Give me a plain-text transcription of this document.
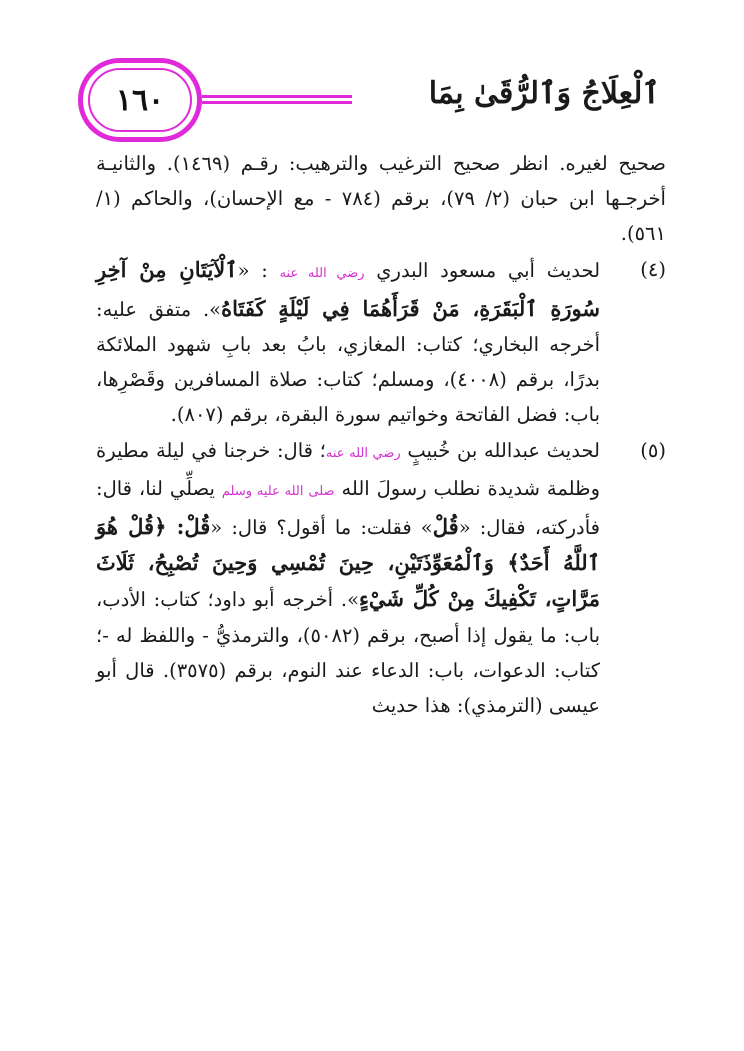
١٦٠	ٱلْعِلَاجُ وَٱلرُّقَىٰ بِمَا

صحيح لغيره. انظر صحيح الترغيب والترهيب: رقـم (١٤٦٩). والثانيـة أخرجـها ابن حبان (٢/ ٧٩)، برقم (٧٨٤ - مع الإحسان)، والحاكم (١/ ٥٦١).

(٤)
لحديث أبي مسعود البدري رضي الله عنه : «ٱلْآيَتَانِ مِنْ آخِرِ سُورَةِ ٱلْبَقَرَةِ، مَنْ قَرَأَهُمَا فِي لَيْلَةٍ كَفَتَاهُ». متفق عليه: أخرجه البخاري؛ كتاب: المغازي، بابُ بعد بابِ شهود الملائكة بدرًا، برقم (٤٠٠٨)، ومسلم؛ كتاب: صلاة المسافرين وقَصْرِها، باب: فضل الفاتحة وخواتيم سورة البقرة، برقم (٨٠٧).

(٥)
لحديث عبدالله بن خُبيبٍ رضي الله عنه؛ قال: خرجنا في ليلة مطيرة وظلمة شديدة نطلب رسولَ الله صلى الله عليه وسلم يصلِّي لنا، قال: فأدركته، فقال: «قُلْ» فقلت: ما أقول؟ قال: «قُلْ: ﴿قُلْ هُوَ ٱللَّهُ أَحَدٌ﴾ وَٱلْمُعَوِّذَتَيْنِ، حِينَ تُمْسِي وَحِينَ تُصْبِحُ، ثَلَاثَ مَرَّاتٍ، تَكْفِيكَ مِنْ كُلِّ شَيْءٍ». أخرجه أبو داود؛ كتاب: الأدب، باب: ما يقول إذا أصبح، برقم (٥٠٨٢)، والترمذيُّ - واللفظ له -؛ كتاب: الدعوات، باب: الدعاء عند النوم، برقم (٣٥٧٥). قال أبو عيسى (الترمذي): هذا حديث
